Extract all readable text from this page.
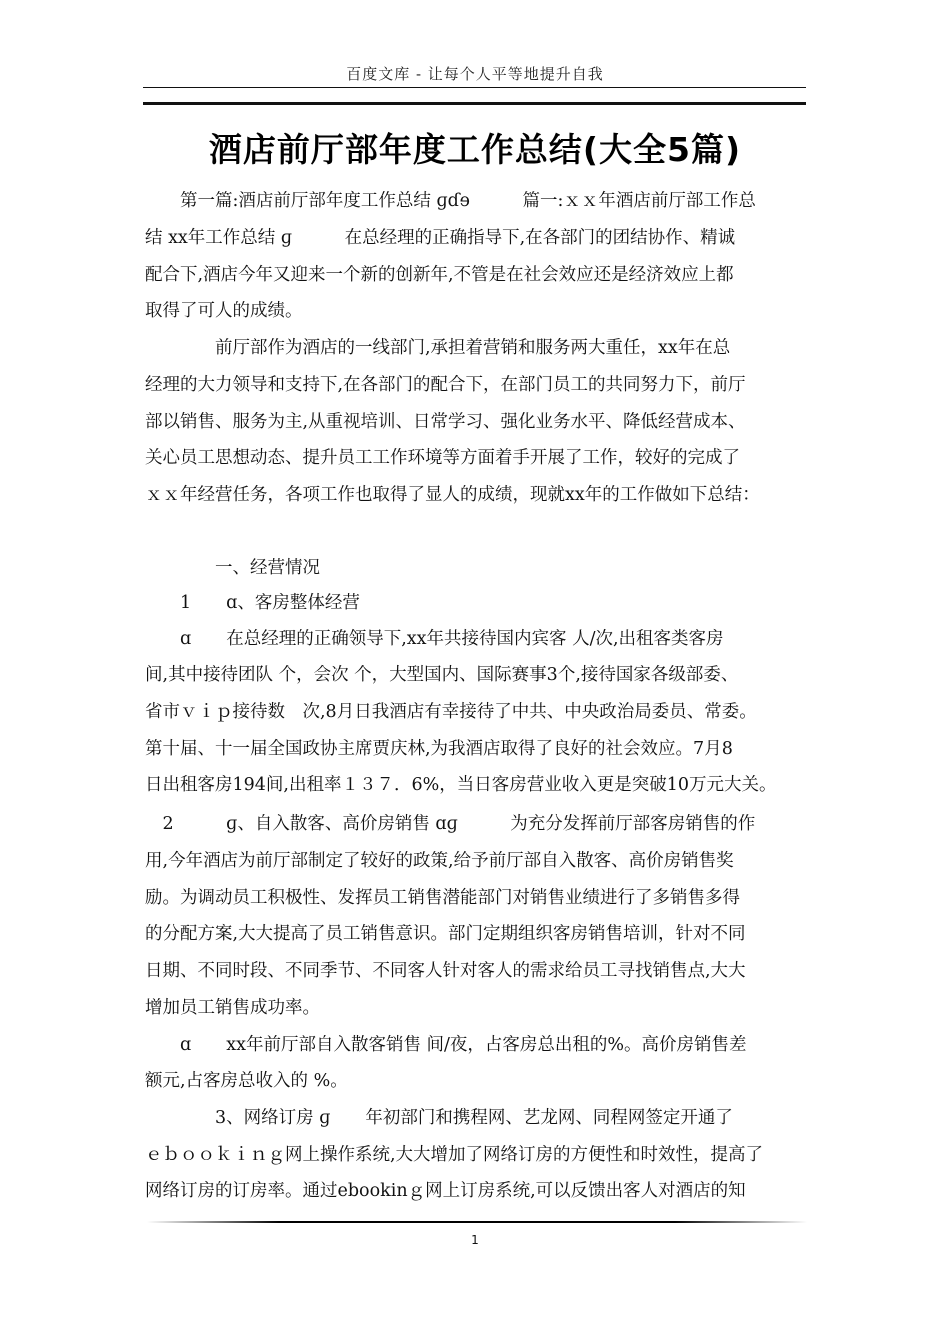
百度文库 - 让每个人平等地提升自我
酒店前厅部年度工作总结(大全5篇)
　　第一篇:酒店前厅部年度工作总结 ɡɗɘ　　　篇一:ｘｘ年酒店前厅部工作总
结 xx年工作总结 ɡ　　　在总经理的正确指导下,在各部门的团结协作、精诚
配合下,酒店今年又迎来一个新的创新年,不管是在社会效应还是经济效应上都
取得了可人的成绩。
　　　　前厅部作为酒店的一线部门,承担着营销和服务两大重任，xx年在总
经理的大力领导和支持下,在各部门的配合下，在部门员工的共同努力下，前厅
部以销售、服务为主,从重视培训、日常学习、强化业务水平、降低经营成本、
关心员工思想动态、提升员工工作环境等方面着手开展了工作，较好的完成了
ｘｘ年经营任务，各项工作也取得了显人的成绩，现就xx年的工作做如下总结：
　　　　一、经营情况
　　1　　ɑ、客房整体经营
　　ɑ　　在总经理的正确领导下,xx年共接待国内宾客 人/次,出租客类客房
间,其中接待团队 个，会次 个，大型国内、国际赛事3个,接待国家各级部委、
省市ｖｉｐ接待数　次,8月日我酒店有幸接待了中共、中央政治局委员、常委。
第十届、十一届全国政协主席贾庆林,为我酒店取得了良好的社会效应。7月8
日出租客房194间,出租率１３７．6%，当日客房营业收入更是突破10万元大关。
　2　　　ɡ、自入散客、高价房销售 ɑɡ　　　为充分发挥前厅部客房销售的作
用,今年酒店为前厅部制定了较好的政策,给予前厅部自入散客、高价房销售奖
励。为调动员工积极性、发挥员工销售潜能部门对销售业绩进行了多销售多得
的分配方案,大大提高了员工销售意识。部门定期组织客房销售培训，针对不同
日期、不同时段、不同季节、不同客人针对客人的需求给员工寻找销售点,大大
增加员工销售成功率。
　　ɑ　　xx年前厅部自入散客销售 间/夜，占客房总出租的%。高价房销售差
额元,占客房总收入的 %。
　　　　3、网络订房 ɡ　　年初部门和携程网、艺龙网、同程网签定开通了
ｅｂｏｏｋｉｎｇ网上操作系统,大大增加了网络订房的方便性和时效性，提高了
网络订房的订房率。通过ebookinｇ网上订房系统,可以反馈出客人对酒店的知
1
